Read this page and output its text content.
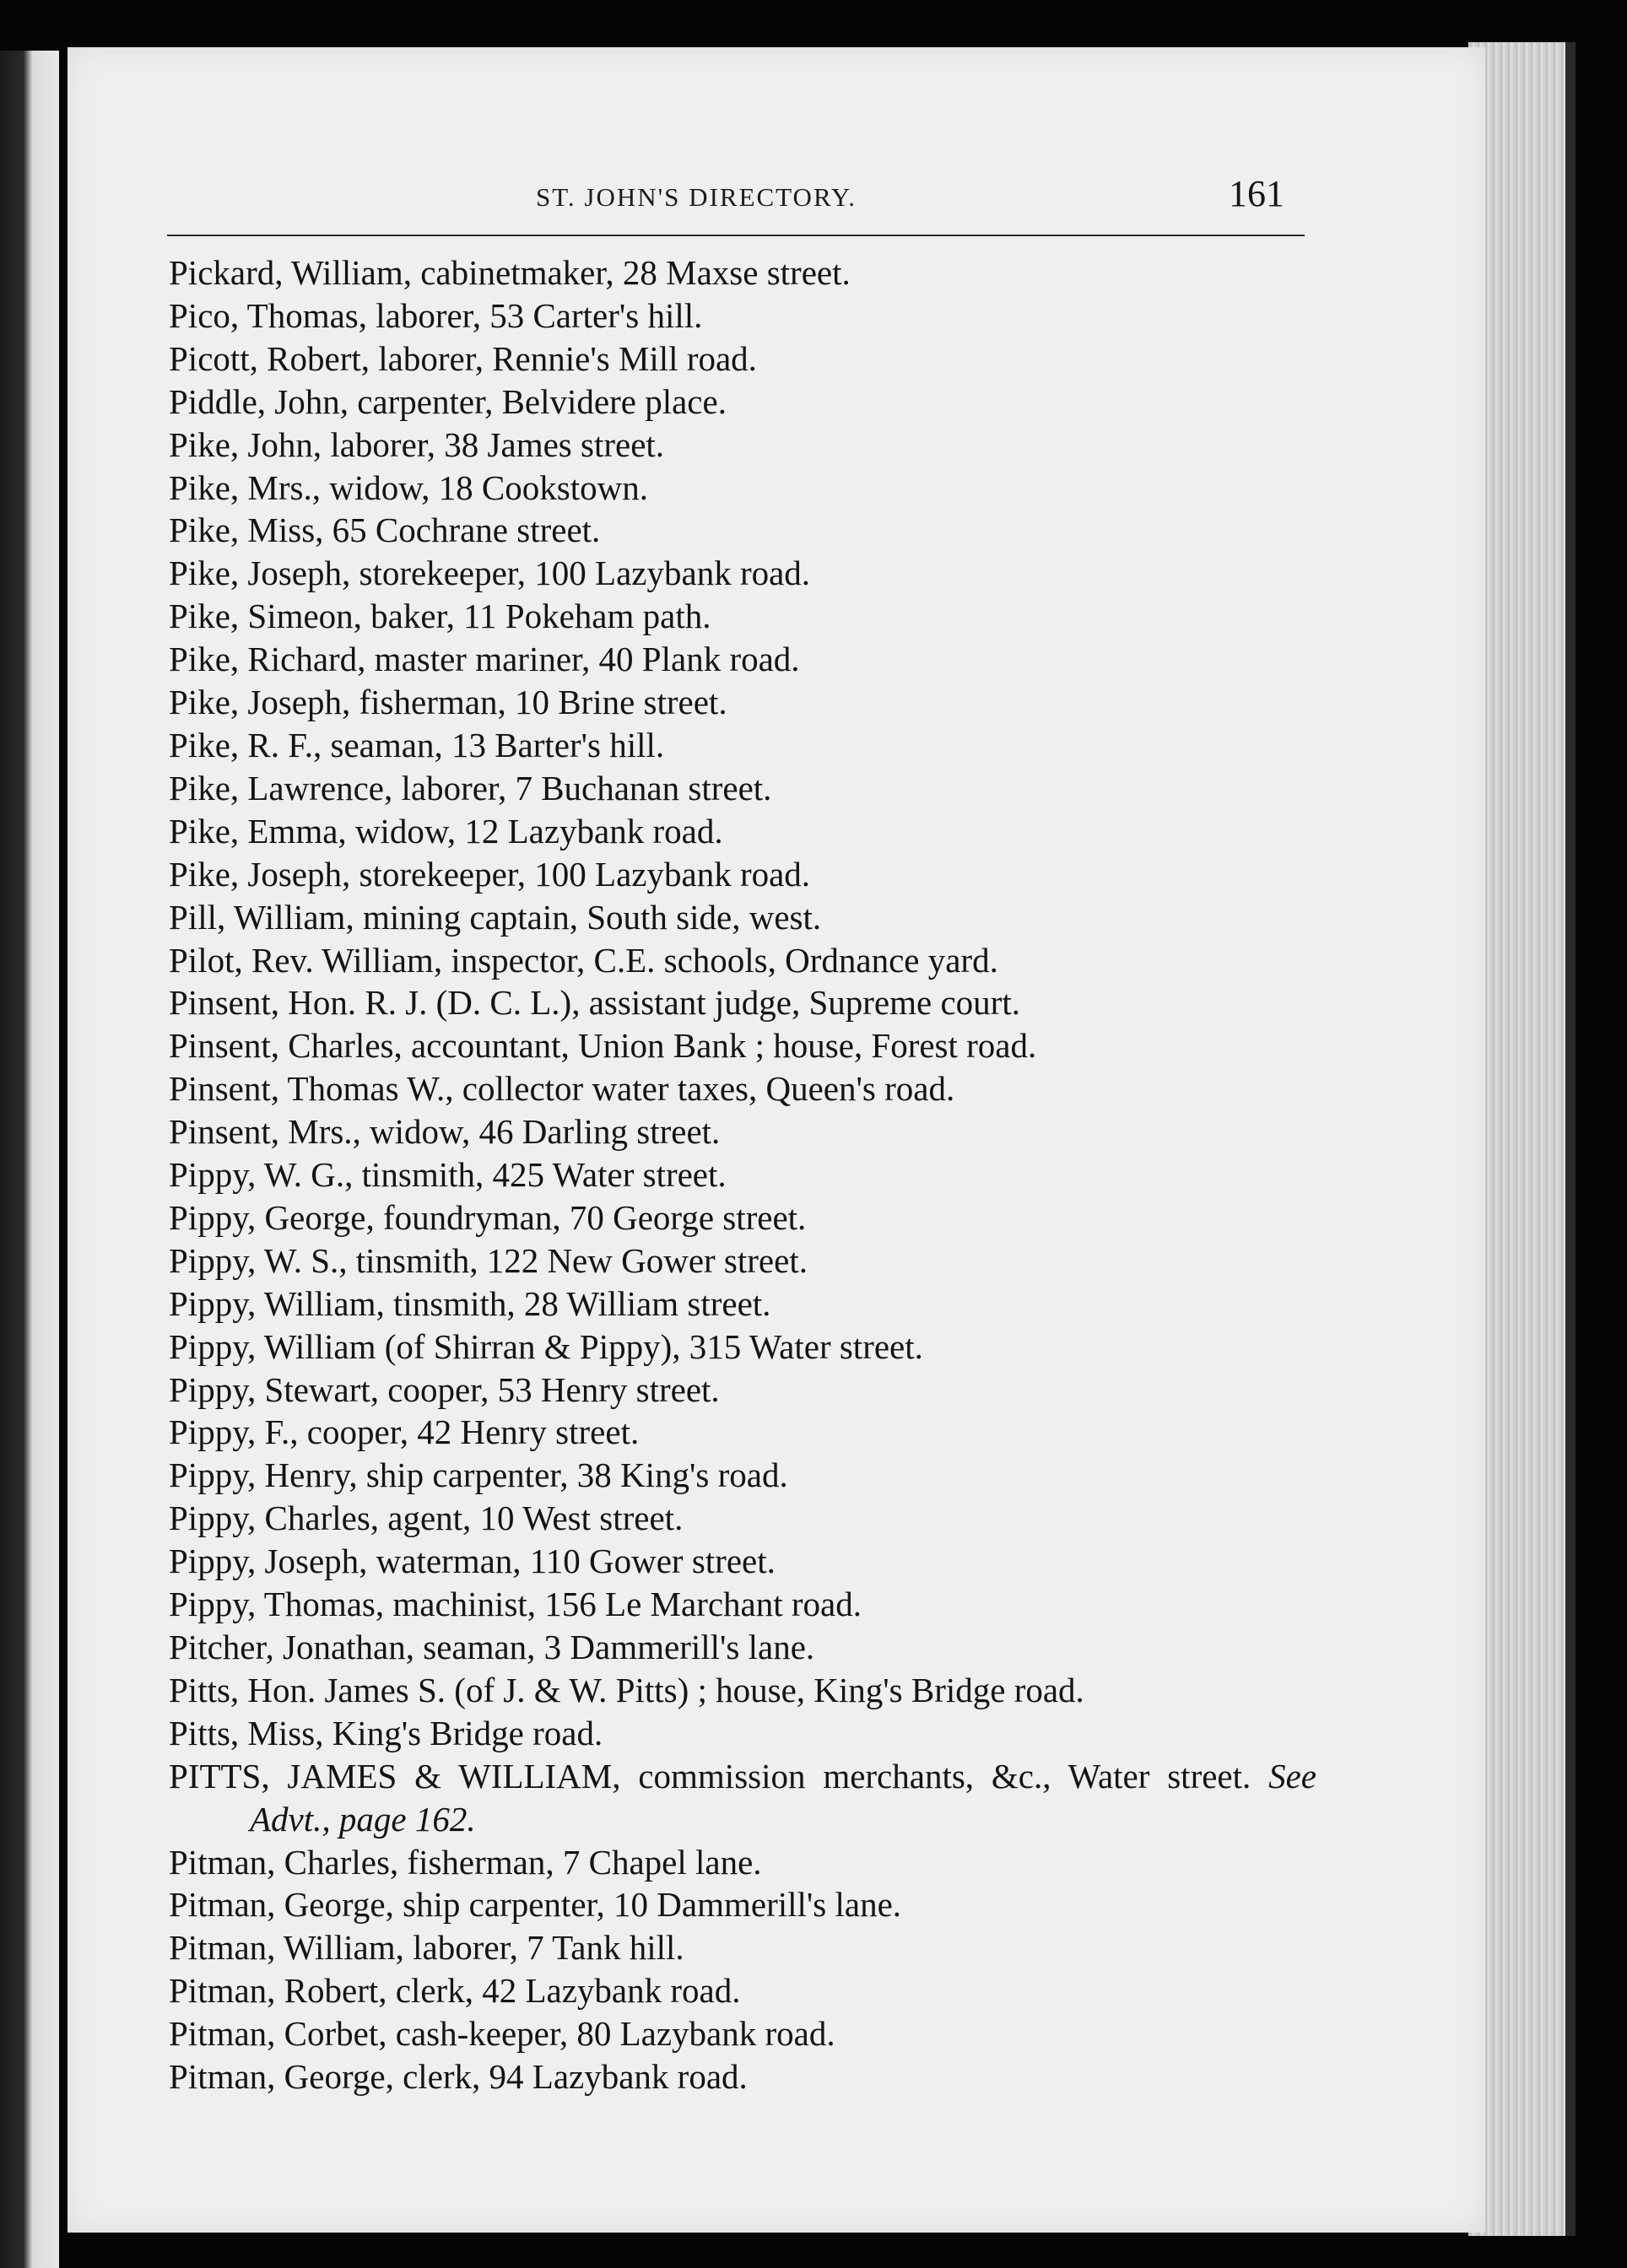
ST. JOHN'S DIRECTORY.	161
Pickard, William, cabinetmaker, 28 Maxse street.
Pico, Thomas, laborer, 53 Carter's hill.
Picott, Robert, laborer, Rennie's Mill road.
Piddle, John, carpenter, Belvidere place.
Pike, John, laborer, 38 James street.
Pike, Mrs., widow, 18 Cookstown.
Pike, Miss, 65 Cochrane street.
Pike, Joseph, storekeeper, 100 Lazybank road.
Pike, Simeon, baker, 11 Pokeham path.
Pike, Richard, master mariner, 40 Plank road.
Pike, Joseph, fisherman, 10 Brine street.
Pike, R. F., seaman, 13 Barter's hill.
Pike, Lawrence, laborer, 7 Buchanan street.
Pike, Emma, widow, 12 Lazybank road.
Pike, Joseph, storekeeper, 100 Lazybank road.
Pill, William, mining captain, South side, west.
Pilot, Rev. William, inspector, C.E. schools, Ordnance yard.
Pinsent, Hon. R. J. (D. C. L.), assistant judge, Supreme court.
Pinsent, Charles, accountant, Union Bank ; house, Forest road.
Pinsent, Thomas W., collector water taxes, Queen's road.
Pinsent, Mrs., widow, 46 Darling street.
Pippy, W. G., tinsmith, 425 Water street.
Pippy, George, foundryman, 70 George street.
Pippy, W. S., tinsmith, 122 New Gower street.
Pippy, William, tinsmith, 28 William street.
Pippy, William (of Shirran & Pippy), 315 Water street.
Pippy, Stewart, cooper, 53 Henry street.
Pippy, F., cooper, 42 Henry street.
Pippy, Henry, ship carpenter, 38 King's road.
Pippy, Charles, agent, 10 West street.
Pippy, Joseph, waterman, 110 Gower street.
Pippy, Thomas, machinist, 156 Le Marchant road.
Pitcher, Jonathan, seaman, 3 Dammerill's lane.
Pitts, Hon. James S. (of J. & W. Pitts) ; house, King's Bridge road.
Pitts, Miss, King's Bridge road.
PITTS, JAMES & WILLIAM, commission merchants, &c., Water street. See Advt., page 162.
Pitman, Charles, fisherman, 7 Chapel lane.
Pitman, George, ship carpenter, 10 Dammerill's lane.
Pitman, William, laborer, 7 Tank hill.
Pitman, Robert, clerk, 42 Lazybank road.
Pitman, Corbet, cash-keeper, 80 Lazybank road.
Pitman, George, clerk, 94 Lazybank road.
